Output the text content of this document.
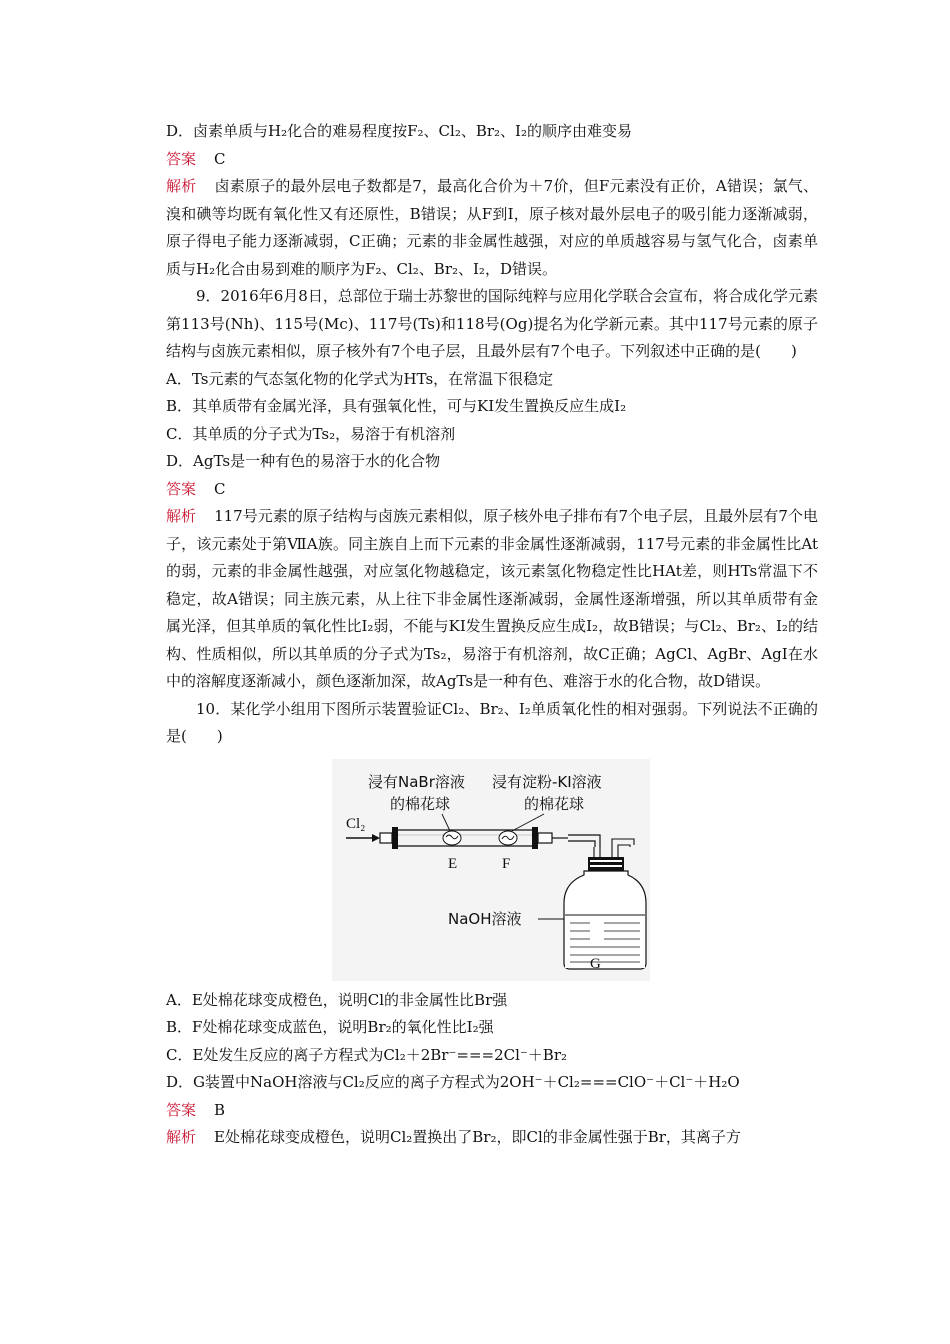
D．卤素单质与H₂化合的难易程度按F₂、Cl₂、Br₂、I₂的顺序由难变易

答案 C

解析 卤素原子的最外层电子数都是7，最高化合价为＋7价，但F元素没有正价，A错误；氯气、溴和碘等均既有氧化性又有还原性，B错误；从F到I，原子核对最外层电子的吸引能力逐渐减弱，原子得电子能力逐渐减弱，C正确；元素的非金属性越强，对应的单质越容易与氢气化合，卤素单质与H₂化合由易到难的顺序为F₂、Cl₂、Br₂、I₂，D错误。

9．2016年6月8日，总部位于瑞士苏黎世的国际纯粹与应用化学联合会宣布，将合成化学元素第113号(Nh)、115号(Mc)、117号(Ts)和118号(Og)提名为化学新元素。其中117号元素的原子结构与卤族元素相似，原子核外有7个电子层，且最外层有7个电子。下列叙述中正确的是(　　)

A．Ts元素的气态氢化物的化学式为HTs，在常温下很稳定

B．其单质带有金属光泽，具有强氧化性，可与KI发生置换反应生成I₂

C．其单质的分子式为Ts₂，易溶于有机溶剂

D．AgTs是一种有色的易溶于水的化合物

答案 C

解析 117号元素的原子结构与卤族元素相似，原子核外电子排布有7个电子层，且最外层有7个电子，该元素处于第ⅦA族。同主族自上而下元素的非金属性逐渐减弱，117号元素的非金属性比At的弱，元素的非金属性越强，对应氢化物越稳定，该元素氢化物稳定性比HAt差，则HTs常温下不稳定，故A错误；同主族元素，从上往下非金属性逐渐减弱，金属性逐渐增强，所以其单质带有金属光泽，但其单质的氧化性比I₂弱，不能与KI发生置换反应生成I₂，故B错误；与Cl₂、Br₂、I₂的结构、性质相似，所以其单质的分子式为Ts₂，易溶于有机溶剂，故C正确；AgCl、AgBr、AgI在水中的溶解度逐渐减小，颜色逐渐加深，故AgTs是一种有色、难溶于水的化合物，故D错误。

10．某化学小组用下图所示装置验证Cl₂、Br₂、I₂单质氧化性的相对强弱。下列说法不正确的是(　　)

浸有NaBr溶液
的棉花球
浸有淀粉-KI溶液
的棉花球
Cl₂
E	F
NaOH溶液
G

A．E处棉花球变成橙色，说明Cl的非金属性比Br强

B．F处棉花球变成蓝色，说明Br₂的氧化性比I₂强

C．E处发生反应的离子方程式为Cl₂＋2Br⁻===2Cl⁻＋Br₂

D．G装置中NaOH溶液与Cl₂反应的离子方程式为2OH⁻＋Cl₂===ClO⁻＋Cl⁻＋H₂O

答案 B

解析 E处棉花球变成橙色，说明Cl₂置换出了Br₂，即Cl的非金属性强于Br，其离子方
